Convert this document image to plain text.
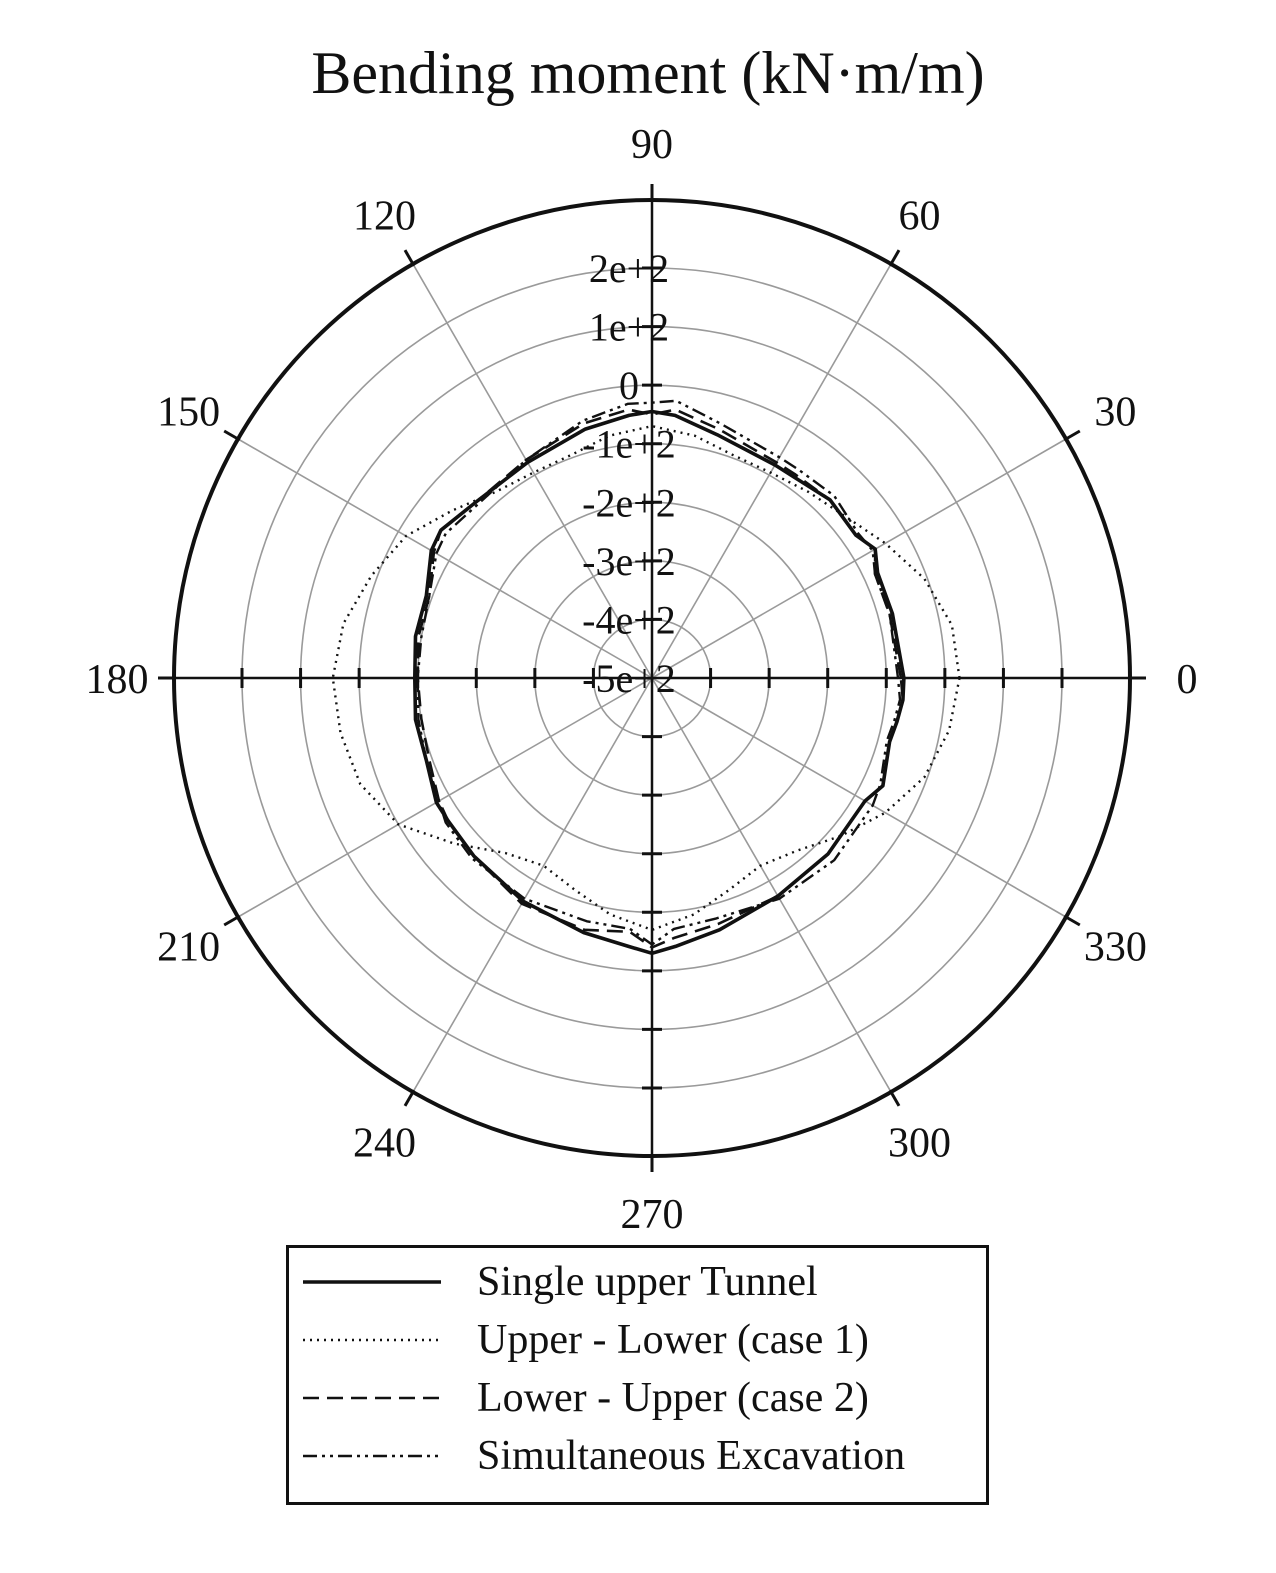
Bending moment (kN·m/m)
0
30
60
90
120
150
180
210
240
270
300
330
-5e+2
-4e+2
-3e+2
-2e+2
-1e+2
0
1e+2
2e+2
Single upper Tunnel
Upper - Lower (case 1)
Lower - Upper (case 2)
Simultaneous Excavation
